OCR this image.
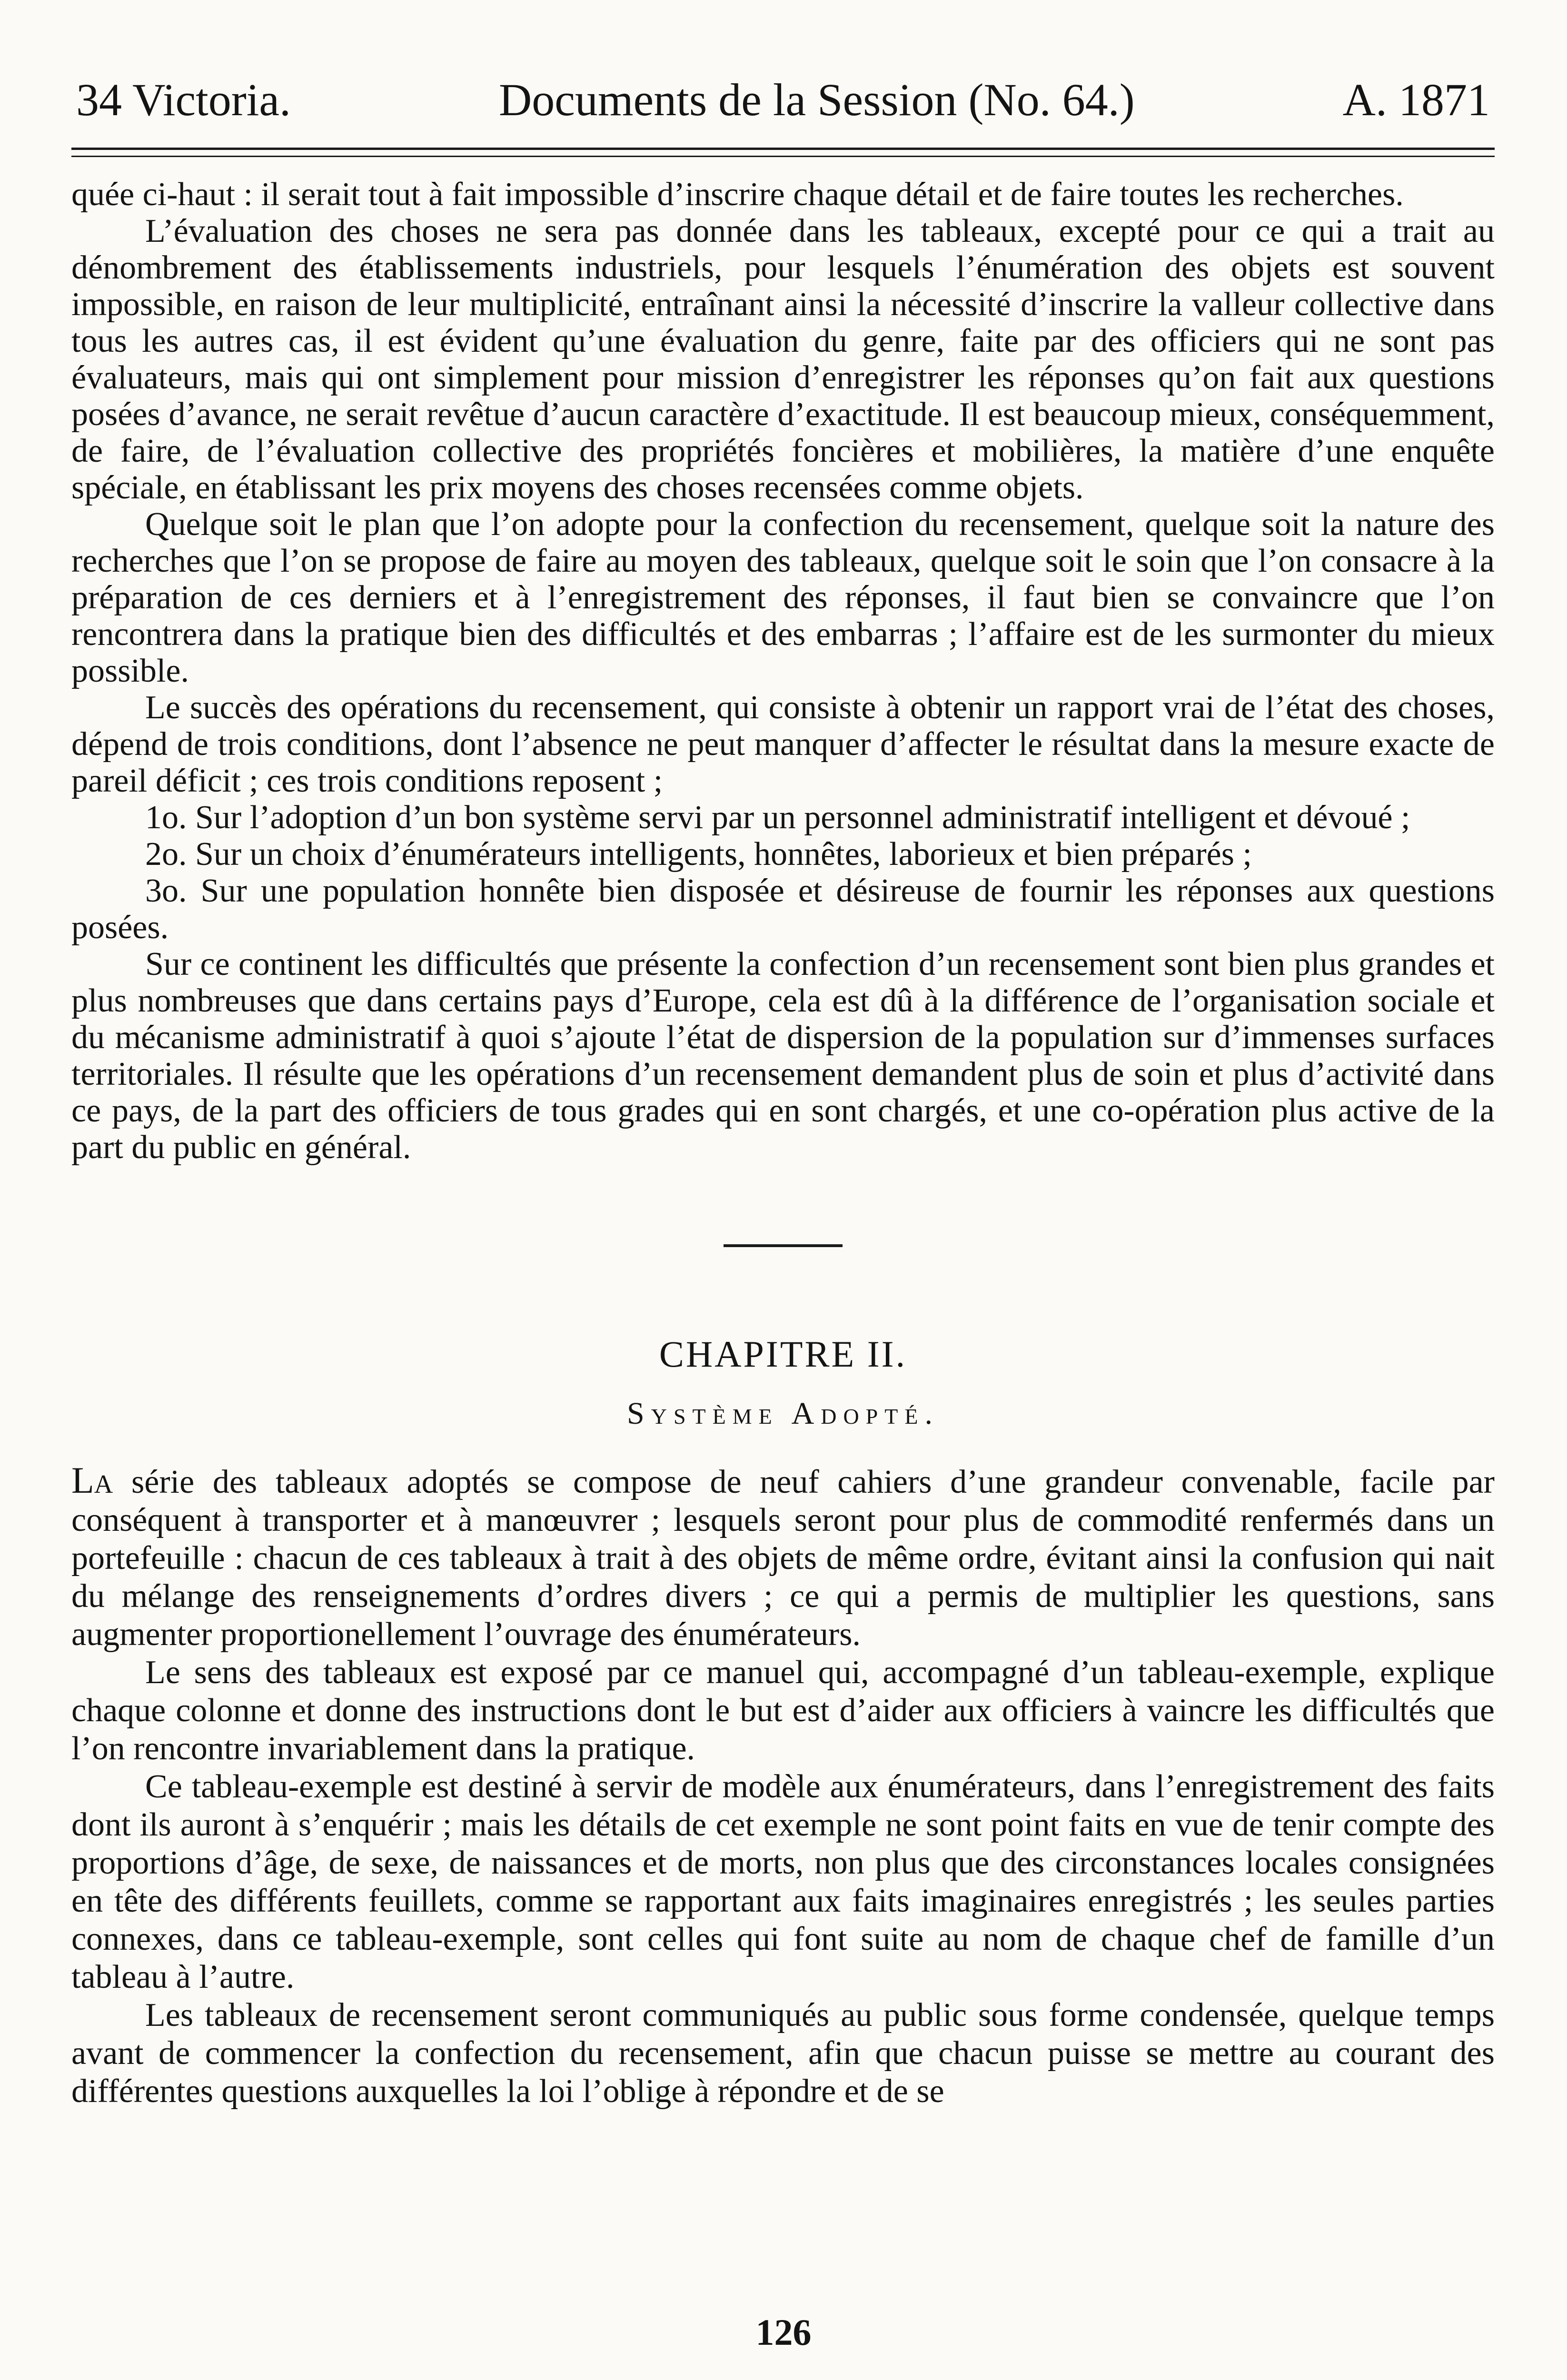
34 Victoria.	Documents de la Session (No. 64.)	A. 1871

quée ci-haut : il serait tout à fait impossible d’inscrire chaque détail et de faire toutes les recherches.

L’évaluation des choses ne sera pas donnée dans les tableaux, excepté pour ce qui a trait au dénombrement des établissements industriels, pour lesquels l’énumération des objets est souvent impossible, en raison de leur multiplicité, entraînant ainsi la nécessité d’inscrire la valleur collective dans tous les autres cas, il est évident qu’une évaluation du genre, faite par des officiers qui ne sont pas évaluateurs, mais qui ont simplement pour mission d’enregistrer les réponses qu’on fait aux questions posées d’avance, ne serait revêtue d’aucun caractère d’exactitude. Il est beaucoup mieux, conséquemment, de faire, de l’évaluation collective des propriétés foncières et mobilières, la matière d’une enquête spéciale, en établissant les prix moyens des choses recensées comme objets.

Quelque soit le plan que l’on adopte pour la confection du recensement, quelque soit la nature des recherches que l’on se propose de faire au moyen des tableaux, quelque soit le soin que l’on consacre à la préparation de ces derniers et à l’enregistrement des réponses, il faut bien se convaincre que l’on rencontrera dans la pratique bien des difficultés et des embarras ; l’affaire est de les surmonter du mieux possible.

Le succès des opérations du recensement, qui consiste à obtenir un rapport vrai de l’état des choses, dépend de trois conditions, dont l’absence ne peut manquer d’affecter le résultat dans la mesure exacte de pareil déficit ; ces trois conditions reposent ;

1o. Sur l’adoption d’un bon système servi par un personnel administratif intelligent et dévoué ;

2o. Sur un choix d’énumérateurs intelligents, honnêtes, laborieux et bien préparés ;

3o. Sur une population honnête bien disposée et désireuse de fournir les réponses aux questions posées.

Sur ce continent les difficultés que présente la confection d’un recensement sont bien plus grandes et plus nombreuses que dans certains pays d’Europe, cela est dû à la différence de l’organisation sociale et du mécanisme administratif à quoi s’ajoute l’état de dispersion de la population sur d’immenses surfaces territoriales. Il résulte que les opérations d’un recensement demandent plus de soin et plus d’activité dans ce pays, de la part des officiers de tous grades qui en sont chargés, et une co-opération plus active de la part du public en général.

CHAPITRE II.
Système Adopté.

La série des tableaux adoptés se compose de neuf cahiers d’une grandeur convenable, facile par conséquent à transporter et à manœuvrer ; lesquels seront pour plus de commodité renfermés dans un portefeuille : chacun de ces tableaux à trait à des objets de même ordre, évitant ainsi la confusion qui nait du mélange des renseignements d’ordres divers ; ce qui a permis de multiplier les questions, sans augmenter proportionellement l’ouvrage des énumérateurs.

Le sens des tableaux est exposé par ce manuel qui, accompagné d’un tableau-exemple, explique chaque colonne et donne des instructions dont le but est d’aider aux officiers à vaincre les difficultés que l’on rencontre invariablement dans la pratique.

Ce tableau-exemple est destiné à servir de modèle aux énumérateurs, dans l’enregistrement des faits dont ils auront à s’enquérir ; mais les détails de cet exemple ne sont point faits en vue de tenir compte des proportions d’âge, de sexe, de naissances et de morts, non plus que des circonstances locales consignées en tête des différents feuillets, comme se rapportant aux faits imaginaires enregistrés ; les seules parties connexes, dans ce tableau-exemple, sont celles qui font suite au nom de chaque chef de famille d’un tableau à l’autre.

Les tableaux de recensement seront communiqués au public sous forme condensée, quelque temps avant de commencer la confection du recensement, afin que chacun puisse se mettre au courant des différentes questions auxquelles la loi l’oblige à répondre et de se

126
